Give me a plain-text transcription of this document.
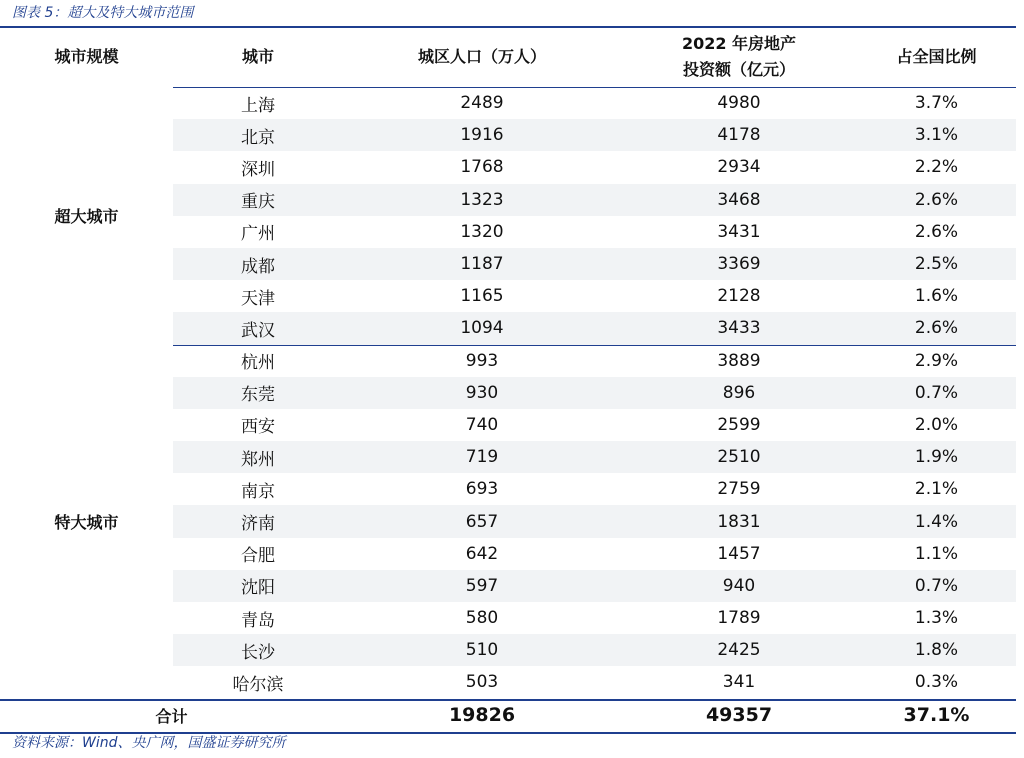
图表 5：超大及特大城市范围
城市规模	城市	城区人口（万人）	2022 年房地产
投资额（亿元）	占全国比例
超大城市	上海	2489	4980	3.7%
	北京	1916	4178	3.1%
	深圳	1768	2934	2.2%
	重庆	1323	3468	2.6%
	广州	1320	3431	2.6%
	成都	1187	3369	2.5%
	天津	1165	2128	1.6%
	武汉	1094	3433	2.6%
特大城市	杭州	993	3889	2.9%
	东莞	930	896	0.7%
	西安	740	2599	2.0%
	郑州	719	2510	1.9%
	南京	693	2759	2.1%
	济南	657	1831	1.4%
	合肥	642	1457	1.1%
	沈阳	597	940	0.7%
	青岛	580	1789	1.3%
	长沙	510	2425	1.8%
	哈尔滨	503	341	0.3%
合计		19826	49357	37.1%
资料来源：Wind、央广网，国盛证券研究所
